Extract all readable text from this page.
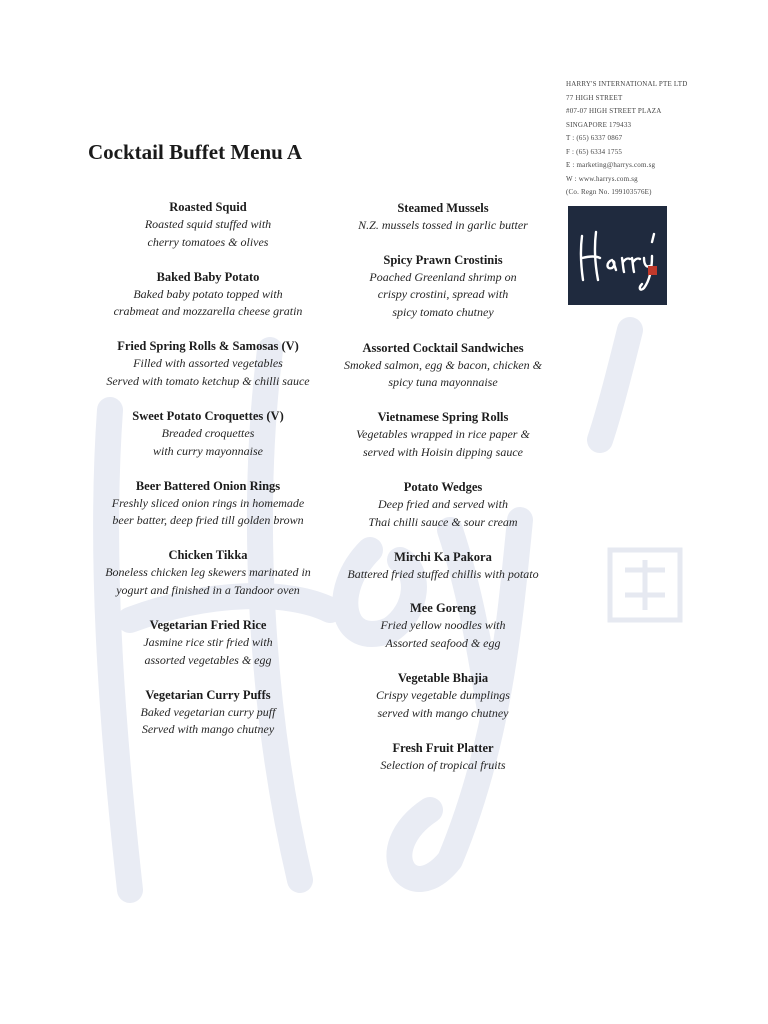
HARRY'S INTERNATIONAL PTE LTD
77 HIGH STREET
#07-07 HIGH STREET PLAZA
SINGAPORE 179433
T : (65) 6337 0867
F : (65) 6334 1755
E : marketing@harrys.com.sg
W : www.harrys.com.sg
(Co. Regn No. 199103576E)
Cocktail Buffet Menu A
Roasted Squid
Roasted squid stuffed with
cherry tomatoes & olives
Baked Baby Potato
Baked baby potato topped with
crabmeat and mozzarella cheese gratin
Fried Spring Rolls & Samosas (V)
Filled with assorted vegetables
Served with tomato ketchup & chilli sauce
Sweet Potato Croquettes (V)
Breaded croquettes
with curry mayonnaise
Beer Battered Onion Rings
Freshly sliced onion rings in homemade
beer batter, deep fried till golden brown
Chicken Tikka
Boneless chicken leg skewers marinated in
yogurt and finished in a Tandoor oven
Vegetarian Fried Rice
Jasmine rice stir fried with
assorted vegetables & egg
Vegetarian Curry Puffs
Baked vegetarian curry puff
Served with mango chutney
Steamed Mussels
N.Z. mussels tossed in garlic butter
Spicy Prawn Crostinis
Poached Greenland shrimp on
crispy crostini, spread with
spicy tomato chutney
Assorted Cocktail Sandwiches
Smoked salmon, egg & bacon, chicken &
spicy tuna mayonnaise
Vietnamese Spring Rolls
Vegetables wrapped in rice paper &
served with Hoisin dipping sauce
Potato Wedges
Deep fried and served with
Thai chilli sauce & sour cream
Mirchi Ka Pakora
Battered fried stuffed chillis with potato
Mee Goreng
Fried yellow noodles with
Assorted seafood & egg
Vegetable Bhajia
Crispy vegetable dumplings
served with mango chutney
Fresh Fruit Platter
Selection of tropical fruits
